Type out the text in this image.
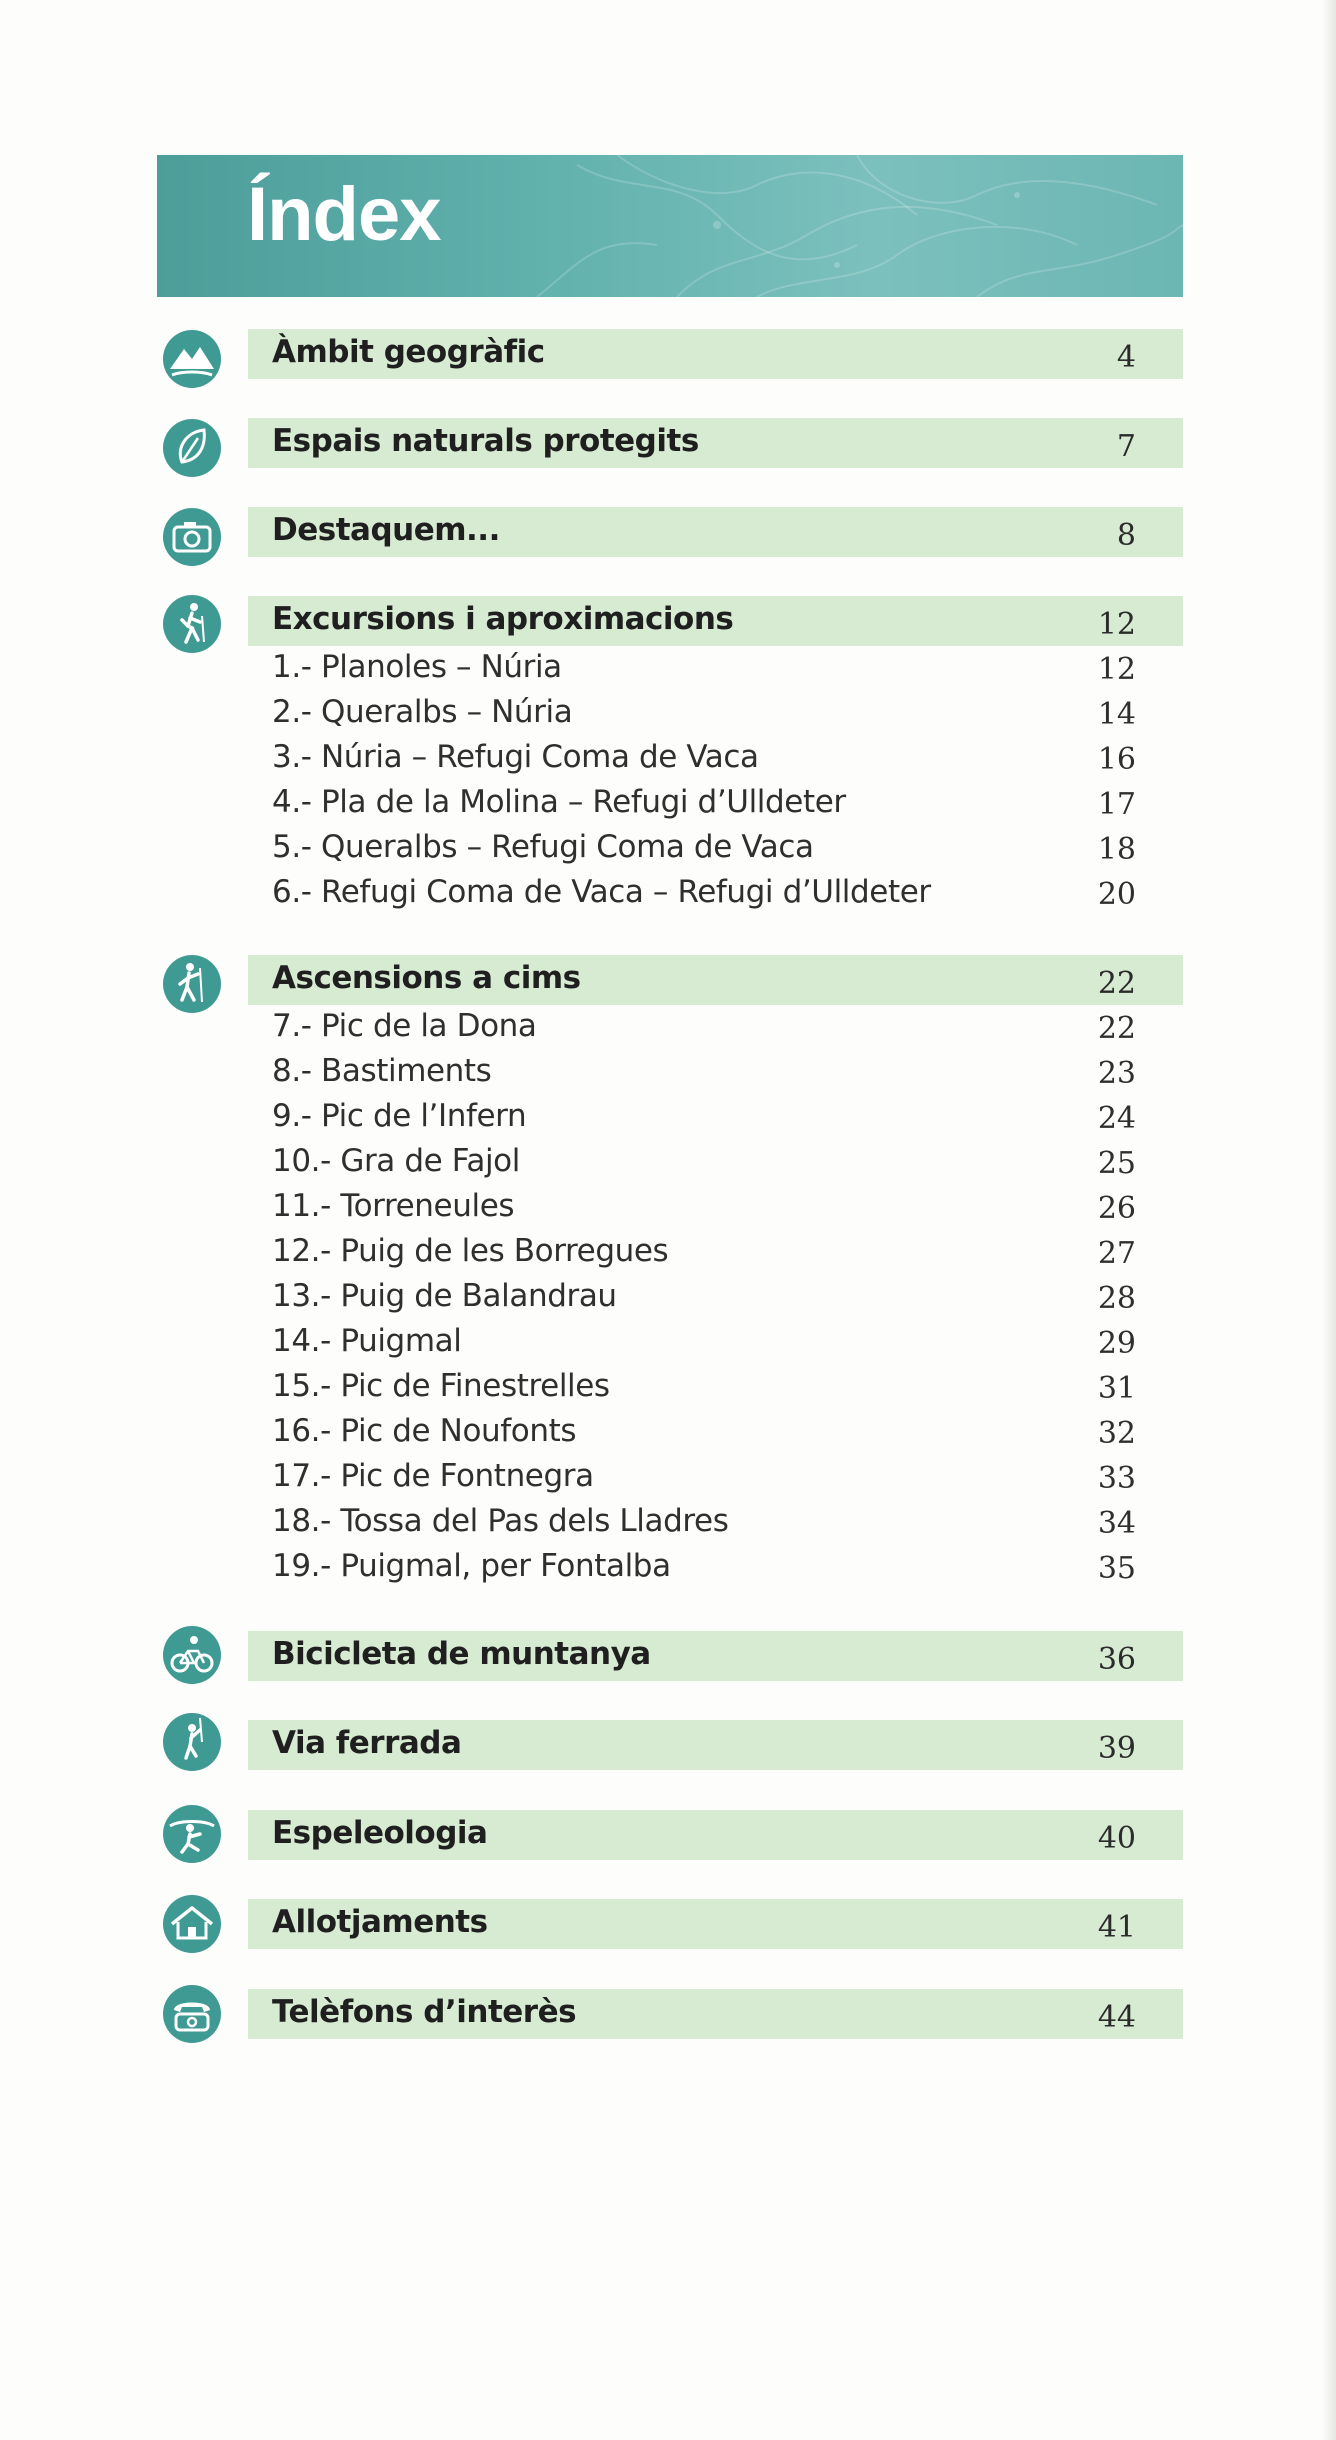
Índex
Àmbit geogràfic	4
Espais naturals protegits	7
Destaquem...	8
Excursions i aproximacions	12
1.- Planoles – Núria	12
2.- Queralbs – Núria	14
3.- Núria – Refugi Coma de Vaca	16
4.- Pla de la Molina – Refugi d’Ulldeter	17
5.- Queralbs – Refugi Coma de Vaca	18
6.- Refugi Coma de Vaca – Refugi d’Ulldeter	20
Ascensions a cims	22
7.- Pic de la Dona	22
8.- Bastiments	23
9.- Pic de l’Infern	24
10.- Gra de Fajol	25
11.- Torreneules	26
12.- Puig de les Borregues	27
13.- Puig de Balandrau	28
14.- Puigmal	29
15.- Pic de Finestrelles	31
16.- Pic de Noufonts	32
17.- Pic de Fontnegra	33
18.- Tossa del Pas dels Lladres	34
19.- Puigmal, per Fontalba	35
Bicicleta de muntanya	36
Via ferrada	39
Espeleologia	40
Allotjaments	41
Telèfons d’interès	44
